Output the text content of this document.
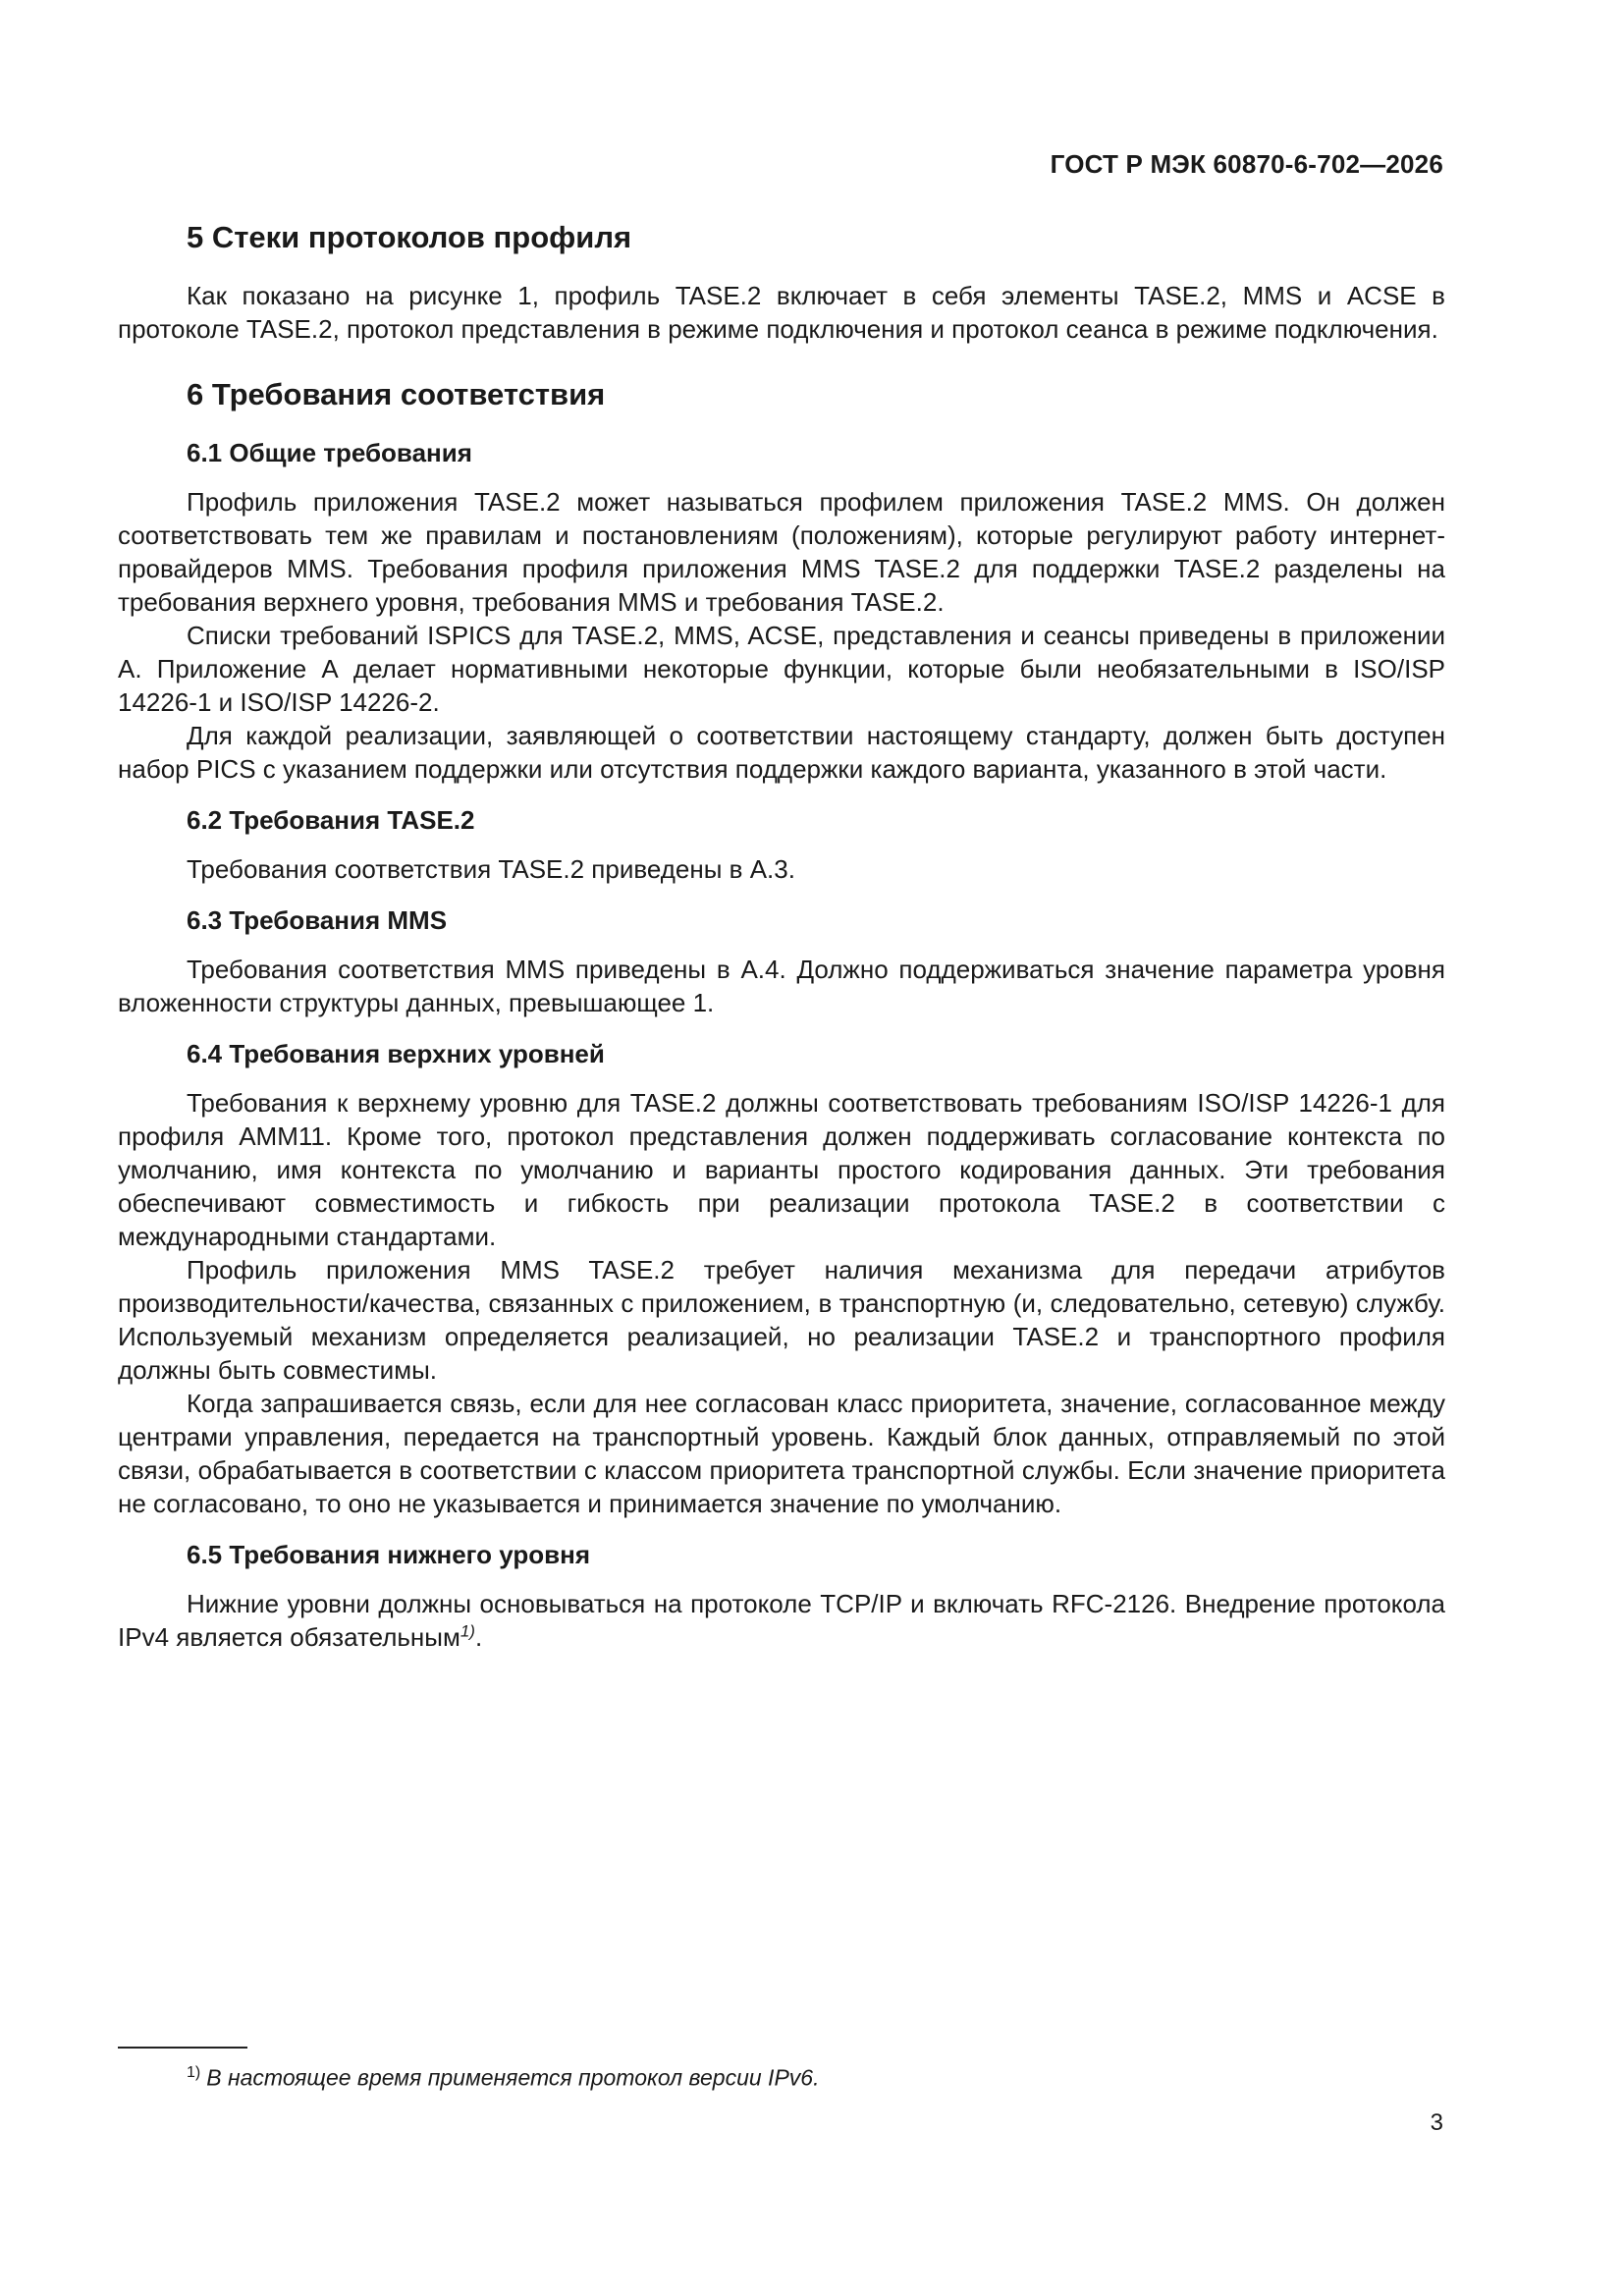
ГОСТ Р МЭК 60870-6-702—2026
5 Стеки протоколов профиля

Как показано на рисунке 1, профиль TASE.2 включает в себя элементы TASE.2, MMS и ACSE в протоколе TASE.2, протокол представления в режиме подключения и протокол сеанса в режиме подключения.

6 Требования соответствия
6.1 Общие требования

Профиль приложения TASE.2 может называться профилем приложения TASE.2 MMS. Он должен соответствовать тем же правилам и постановлениям (положениям), которые регулируют работу интернет-провайдеров MMS. Требования профиля приложения MMS TASE.2 для поддержки TASE.2 разделены на требования верхнего уровня, требования MMS и требования TASE.2.

Списки требований ISPICS для TASE.2, MMS, ACSE, представления и сеансы приведены в приложении А. Приложение А делает нормативными некоторые функции, которые были необязательными в ISO/ISP 14226-1 и ISO/ISP 14226-2.

Для каждой реализации, заявляющей о соответствии настоящему стандарту, должен быть доступен набор PICS с указанием поддержки или отсутствия поддержки каждого варианта, указанного в этой части.

6.2 Требования TASE.2

Требования соответствия TASE.2 приведены в А.3.

6.3 Требования MMS

Требования соответствия MMS приведены в А.4. Должно поддерживаться значение параметра уровня вложенности структуры данных, превышающее 1.

6.4 Требования верхних уровней

Требования к верхнему уровню для TASE.2 должны соответствовать требованиям ISO/ISP 14226-1 для профиля AMM11. Кроме того, протокол представления должен поддерживать согласование контекста по умолчанию, имя контекста по умолчанию и варианты простого кодирования данных. Эти требования обеспечивают совместимость и гибкость при реализации протокола TASE.2 в соответствии с международными стандартами.

Профиль приложения MMS TASE.2 требует наличия механизма для передачи атрибутов производительности/качества, связанных с приложением, в транспортную (и, следовательно, сетевую) службу. Используемый механизм определяется реализацией, но реализации TASE.2 и транспортного профиля должны быть совместимы.

Когда запрашивается связь, если для нее согласован класс приоритета, значение, согласованное между центрами управления, передается на транспортный уровень. Каждый блок данных, отправляемый по этой связи, обрабатывается в соответствии с классом приоритета транспортной службы. Если значение приоритета не согласовано, то оно не указывается и принимается значение по умолчанию.

6.5 Требования нижнего уровня

Нижние уровни должны основываться на протоколе TCP/IP и включать RFC-2126. Внедрение протокола IPv4 является обязательным$^{1)}$.

$^{1)}$ В настоящее время применяется протокол версии IPv6.
3
